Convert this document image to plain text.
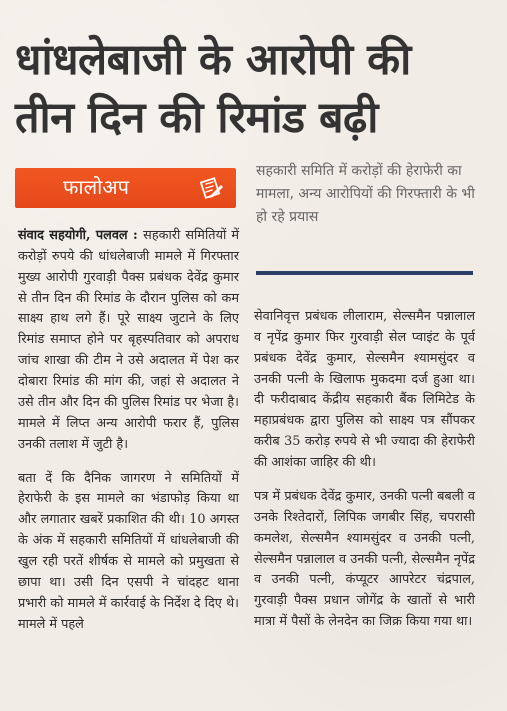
धांधलेबाजी के आरोपी की
तीन दिन की रिमांड बढ़ी
फालोअप

सहकारी समिति में करोड़ों की हेराफेरी का मामला, अन्य आरोपियों की गिरफ्तारी के भी हो रहे प्रयास

संवाद सहयोगी, पलवल : सहकारी समितियों में करोड़ों रुपये की धांधलेबाजी मामले में गिरफ्तार मुख्य आरोपी गुरवाड़ी पैक्स प्रबंधक देवेंद्र कुमार से तीन दिन की रिमांड के दौरान पुलिस को कम साक्ष्य हाथ लगे हैं। पूरे साक्ष्य जुटाने के लिए रिमांड समाप्त होने पर बृहस्पतिवार को अपराध जांच शाखा की टीम ने उसे अदालत में पेश कर दोबारा रिमांड की मांग की, जहां से अदालत ने उसे तीन और दिन की पुलिस रिमांड पर भेजा है। मामले में लिप्त अन्य आरोपी फरार हैं, पुलिस उनकी तलाश में जुटी है।

बता दें कि दैनिक जागरण ने समितियों में हेराफेरी के इस मामले का भंडाफोड़ किया था और लगातार खबरें प्रकाशित की थी। 10 अगस्त के अंक में सहकारी समितियों में धांधलेबाजी की खुल रही परतें शीर्षक से मामले को प्रमुखता से छापा था। उसी दिन एसपी ने चांदहट थाना प्रभारी को मामले में कार्रवाई के निर्देश दे दिए थे। मामले में पहले

सेवानिवृत्त प्रबंधक लीलाराम, सेल्समैन पन्नालाल व नृपेंद्र कुमार फिर गुरवाड़ी सेल प्वाइंट के पूर्व प्रबंधक देवेंद्र कुमार, सेल्समैन श्यामसुंदर व उनकी पत्नी के खिलाफ मुकदमा दर्ज हुआ था। दी फरीदाबाद केंद्रीय सहकारी बैंक लिमिटेड के महाप्रबंधक द्वारा पुलिस को साक्ष्य पत्र सौंपकर करीब 35 करोड़ रुपये से भी ज्यादा की हेराफेरी की आशंका जाहिर की थी।

पत्र में प्रबंधक देवेंद्र कुमार, उनकी पत्नी बबली व उनके रिश्तेदारों, लिपिक जगबीर सिंह, चपरासी कमलेश, सेल्समैन श्यामसुंदर व उनकी पत्नी, सेल्समैन पन्नालाल व उनकी पत्नी, सेल्समैन नृपेंद्र व उनकी पत्नी, कंप्यूटर आपरेटर चंद्रपाल, गुरवाड़ी पैक्स प्रधान जोगेंद्र के खातों से भारी मात्रा में पैसों के लेनदेन का जिक्र किया गया था।
